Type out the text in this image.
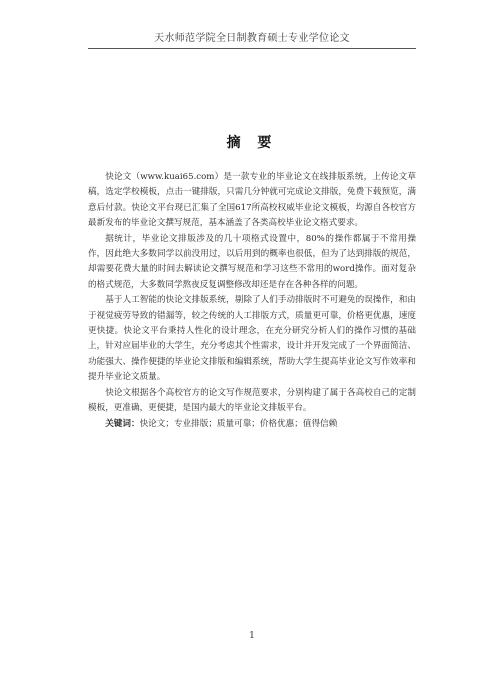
天水师范学院全日制教育硕士专业学位论文
摘 要

快论文（www.kuai65.com）是一款专业的毕业论文在线排版系统，上传论文草稿，选定学校模板，点击一键排版，只需几分钟就可完成论文排版，免费下载预览，满意后付款。快论文平台现已汇集了全国617所高校权威毕业论文模板，均源自各校官方最新发布的毕业论文撰写规范，基本涵盖了各类高校毕业论文格式要求。

据统计，毕业论文排版涉及的几十项格式设置中，80%的操作都属于不常用操作，因此绝大多数同学以前没用过，以后用到的概率也很低，但为了达到排版的规范，却需要花费大量的时间去解读论文撰写规范和学习这些不常用的word操作。面对复杂的格式规范，大多数同学熬夜反复调整修改却还是存在各种各样的问题。

基于人工智能的快论文排版系统，剔除了人们手动排版时不可避免的误操作，和由于视觉疲劳导致的错漏等，较之传统的人工排版方式，质量更可靠，价格更优惠，速度更快捷。快论文平台秉持人性化的设计理念，在充分研究分析人们的操作习惯的基础上，针对应届毕业的大学生，充分考虑其个性需求，设计并开发完成了一个界面简洁、功能强大、操作便捷的毕业论文排版和编辑系统，帮助大学生提高毕业论文写作效率和提升毕业论文质量。

快论文根据各个高校官方的论文写作规范要求，分别构建了属于各高校自己的定制模板，更准确，更便捷，是国内最大的毕业论文排版平台。

关键词：快论文；专业排版；质量可靠；价格优惠；值得信赖

1
